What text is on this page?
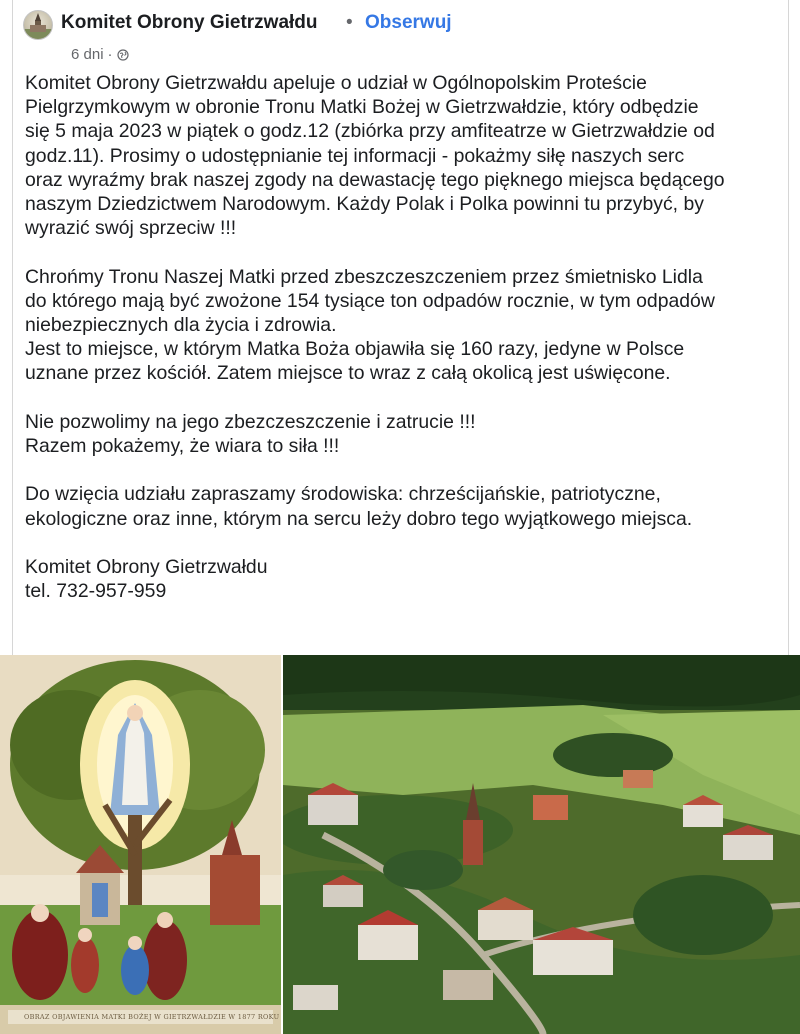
Komitet Obrony Gietrzwałdu • Obserwuj
6 dni ·

Komitet Obrony Gietrzwałdu apeluje o udział w Ogólnopolskim Proteście
Pielgrzymkowym w obronie Tronu Matki Bożej w Gietrzwałdzie, który odbędzie
się 5 maja 2023 w piątek o godz.12 (zbiórka przy amfiteatrze w Gietrzwałdzie od
godz.11). Prosimy o udostępnianie tej informacji - pokażmy siłę naszych serc
oraz wyraźmy brak naszej zgody na dewastację tego pięknego miejsca będącego
naszym Dziedzictwem Narodowym. Każdy Polak i Polka powinni tu przybyć, by
wyrazić swój sprzeciw !!!

Chrońmy Tronu Naszej Matki przed zbeszczeszczeniem przez śmietnisko Lidla
do którego mają być zwożone 154 tysiące ton odpadów rocznie, w tym odpadów
niebezpiecznych dla życia i zdrowia.
Jest to miejsce, w którym Matka Boża objawiła się 160 razy, jedyne w Polsce
uznane przez kościół. Zatem miejsce to wraz z całą okolicą jest uświęcone.

Nie pozwolimy na jego zbezczeszczenie i zatrucie !!!
Razem pokażemy, że wiara to siła !!!

Do wzięcia udziału zapraszamy środowiska: chrześcijańskie, patriotyczne,
ekologiczne oraz inne, którym na sercu leży dobro tego wyjątkowego miejsca.

Komitet Obrony Gietrzwałdu
tel. 732-957-959

OBRAZ OBJAWIENIA MATKI BOŻEJ W GIETRZWAŁDZIE W 1877 ROKU
